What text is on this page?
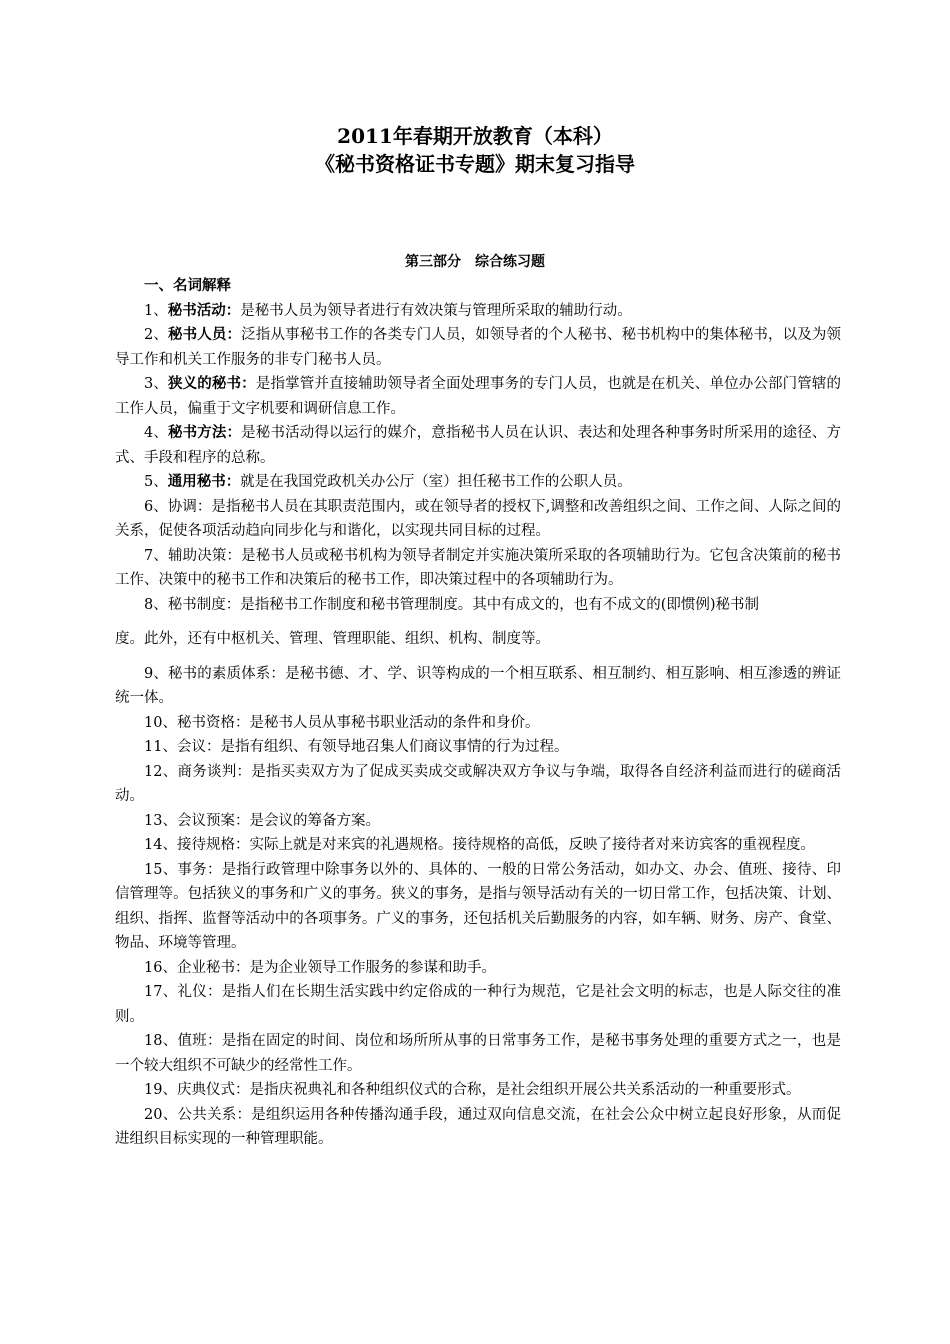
2011年春期开放教育（本科）
《秘书资格证书专题》期末复习指导
第三部分　综合练习题

一、名词解释

1、秘书活动：是秘书人员为领导者进行有效决策与管理所采取的辅助行动。

2、秘书人员：泛指从事秘书工作的各类专门人员，如领导者的个人秘书、秘书机构中的集体秘书，以及为领导工作和机关工作服务的非专门秘书人员。

3、狭义的秘书：是指掌管并直接辅助领导者全面处理事务的专门人员，也就是在机关、单位办公部门管辖的工作人员，偏重于文字机要和调研信息工作。

4、秘书方法：是秘书活动得以运行的媒介，意指秘书人员在认识、表达和处理各种事务时所采用的途径、方式、手段和程序的总称。

5、通用秘书：就是在我国党政机关办公厅（室）担任秘书工作的公职人员。

6、协调：是指秘书人员在其职责范围内，或在领导者的授权下,调整和改善组织之间、工作之间、人际之间的关系，促使各项活动趋向同步化与和谐化，以实现共同目标的过程。

7、辅助决策：是秘书人员或秘书机构为领导者制定并实施决策所采取的各项辅助行为。它包含决策前的秘书工作、决策中的秘书工作和决策后的秘书工作，即决策过程中的各项辅助行为。

8、秘书制度：是指秘书工作制度和秘书管理制度。其中有成文的，也有不成文的(即惯例)秘书制

度。此外，还有中枢机关、管理、管理职能、组织、机构、制度等。

9、秘书的素质体系：是秘书德、才、学、识等构成的一个相互联系、相互制约、相互影响、相互渗透的辨证统一体。

10、秘书资格：是秘书人员从事秘书职业活动的条件和身价。

11、会议：是指有组织、有领导地召集人们商议事情的行为过程。

12、商务谈判：是指买卖双方为了促成买卖成交或解决双方争议与争端，取得各自经济利益而进行的磋商活动。

13、会议预案：是会议的筹备方案。

14、接待规格：实际上就是对来宾的礼遇规格。接待规格的高低，反映了接待者对来访宾客的重视程度。

15、事务：是指行政管理中除事务以外的、具体的、一般的日常公务活动，如办文、办会、值班、接待、印信管理等。包括狭义的事务和广义的事务。狭义的事务，是指与领导活动有关的一切日常工作，包括决策、计划、组织、指挥、监督等活动中的各项事务。广义的事务，还包括机关后勤服务的内容，如车辆、财务、房产、食堂、物品、环境等管理。

16、企业秘书：是为企业领导工作服务的参谋和助手。

17、礼仪：是指人们在长期生活实践中约定俗成的一种行为规范，它是社会文明的标志，也是人际交往的准则。

18、值班：是指在固定的时间、岗位和场所所从事的日常事务工作，是秘书事务处理的重要方式之一，也是一个较大组织不可缺少的经常性工作。

19、庆典仪式：是指庆祝典礼和各种组织仪式的合称，是社会组织开展公共关系活动的一种重要形式。

20、公共关系：是组织运用各种传播沟通手段，通过双向信息交流，在社会公众中树立起良好形象，从而促进组织目标实现的一种管理职能。
